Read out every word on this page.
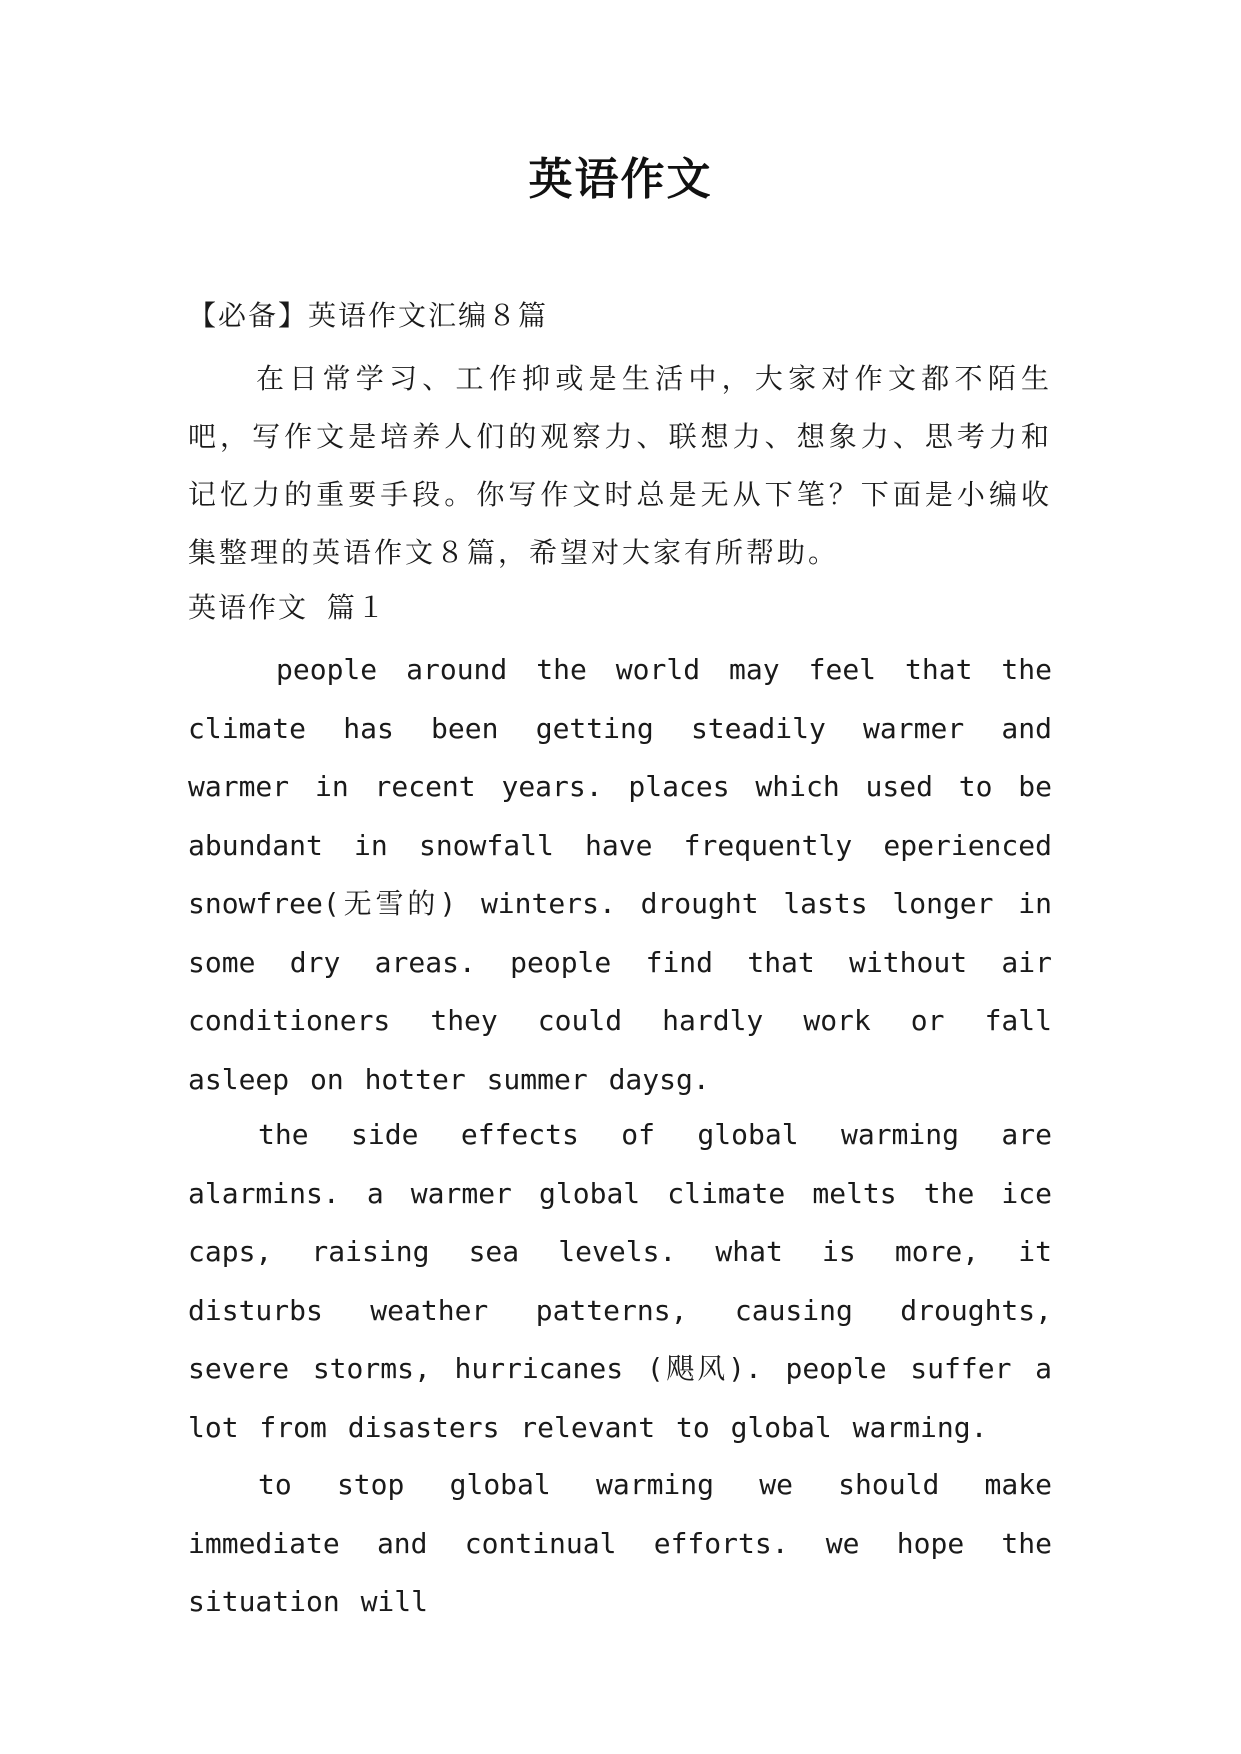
英语作文
【必备】英语作文汇编８篇
在日常学习、工作抑或是生活中，大家对作文都不陌生吧，写作文是培养人们的观察力、联想力、想象力、思考力和记忆力的重要手段。你写作文时总是无从下笔？下面是小编收集整理的英语作文８篇，希望对大家有所帮助。
英语作文 篇１
people around the world may feel that the climate has been getting steadily warmer and warmer in recent years. places which used to be abundant in snowfall have frequently eperienced snowfree(无雪的) winters. drought lasts longer in some dry areas. people find that without air conditioners they could hardly work or fall asleep on hotter summer daysg.
the side effects of global warming are alarmins. a warmer global climate melts the ice caps, raising sea levels. what is more, it disturbs weather patterns, causing droughts, severe storms, hurricanes (飓风). people suffer a lot from disasters relevant to global warming.
to stop global warming we should make immediate and continual efforts. we hope the situation will
